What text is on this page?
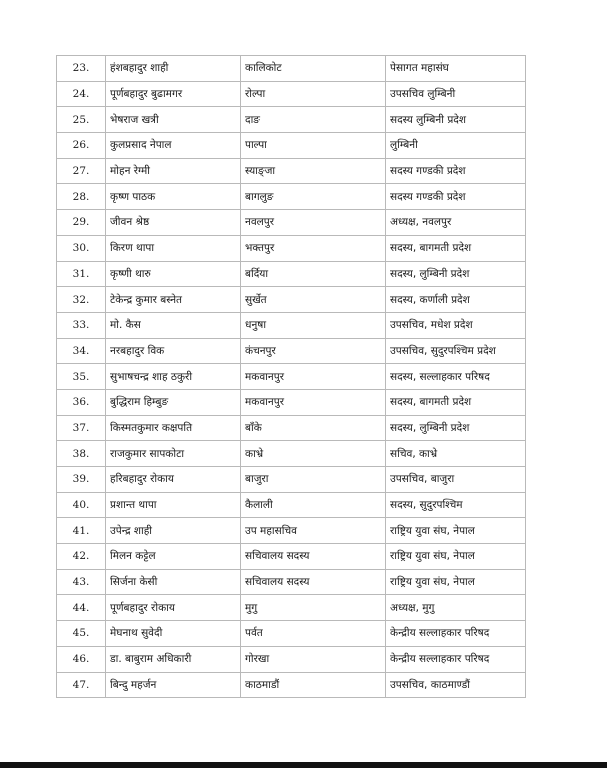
23.	हंशबहादुर शाही	कालिकोट	पेसागत महासंघ
24.	पूर्णबहादुर बुढामगर	रोल्पा	उपसचिव लुम्बिनी
25.	भेषराज खत्री	दाङ	सदस्य लुम्बिनी प्रदेश
26.	कुलप्रसाद नेपाल	पाल्पा	लुम्बिनी
27.	मोहन रेग्मी	स्याङ्जा	सदस्य गण्डकी प्रदेश
28.	कृष्ण पाठक	बागलुङ	सदस्य गण्डकी प्रदेश
29.	जीवन श्रेष्ठ	नवलपुर	अध्यक्ष, नवलपुर
30.	किरण थापा	भक्तपुर	सदस्य, बागमती प्रदेश
31.	कृष्णी थारु	बर्दिया	सदस्य, लुम्बिनी प्रदेश
32.	टेकेन्द्र कुमार बस्नेत	सुर्खेत	सदस्य, कर्णाली प्रदेश
33.	मो. कैस	धनुषा	उपसचिव, मधेश प्रदेश
34.	नरबहादुर विक	कंचनपुर	उपसचिव, सुदुरपश्चिम प्रदेश
35.	सुभाषचन्द्र शाह ठकुरी	मकवानपुर	सदस्य, सल्लाहकार परिषद
36.	बुद्धिराम हिम्बुङ	मकवानपुर	सदस्य, बागमती प्रदेश
37.	किस्मतकुमार कक्षपति	बाँके	सदस्य, लुम्बिनी प्रदेश
38.	राजकुमार सापकोटा	काभ्रे	सचिव, काभ्रे
39.	हरिबहादुर रोकाय	बाजुरा	उपसचिव, बाजुरा
40.	प्रशान्त थापा	कैलाली	सदस्य, सुदुरपश्चिम
41.	उपेन्द्र शाही	उप महासचिव	राष्ट्रिय युवा संघ, नेपाल
42.	मिलन कट्टेल	सचिवालय सदस्य	राष्ट्रिय युवा संघ, नेपाल
43.	सिर्जना केसी	सचिवालय सदस्य	राष्ट्रिय युवा संघ, नेपाल
44.	पूर्णबहादुर रोकाय	मुगु	अध्यक्ष, मुगु
45.	मेघनाथ सुवेदी	पर्वत	केन्द्रीय सल्लाहकार परिषद
46.	डा. बाबुराम अधिकारी	गोरखा	केन्द्रीय सल्लाहकार परिषद
47.	बिन्दु महर्जन	काठमाडौं	उपसचिव, काठमाण्डौं
